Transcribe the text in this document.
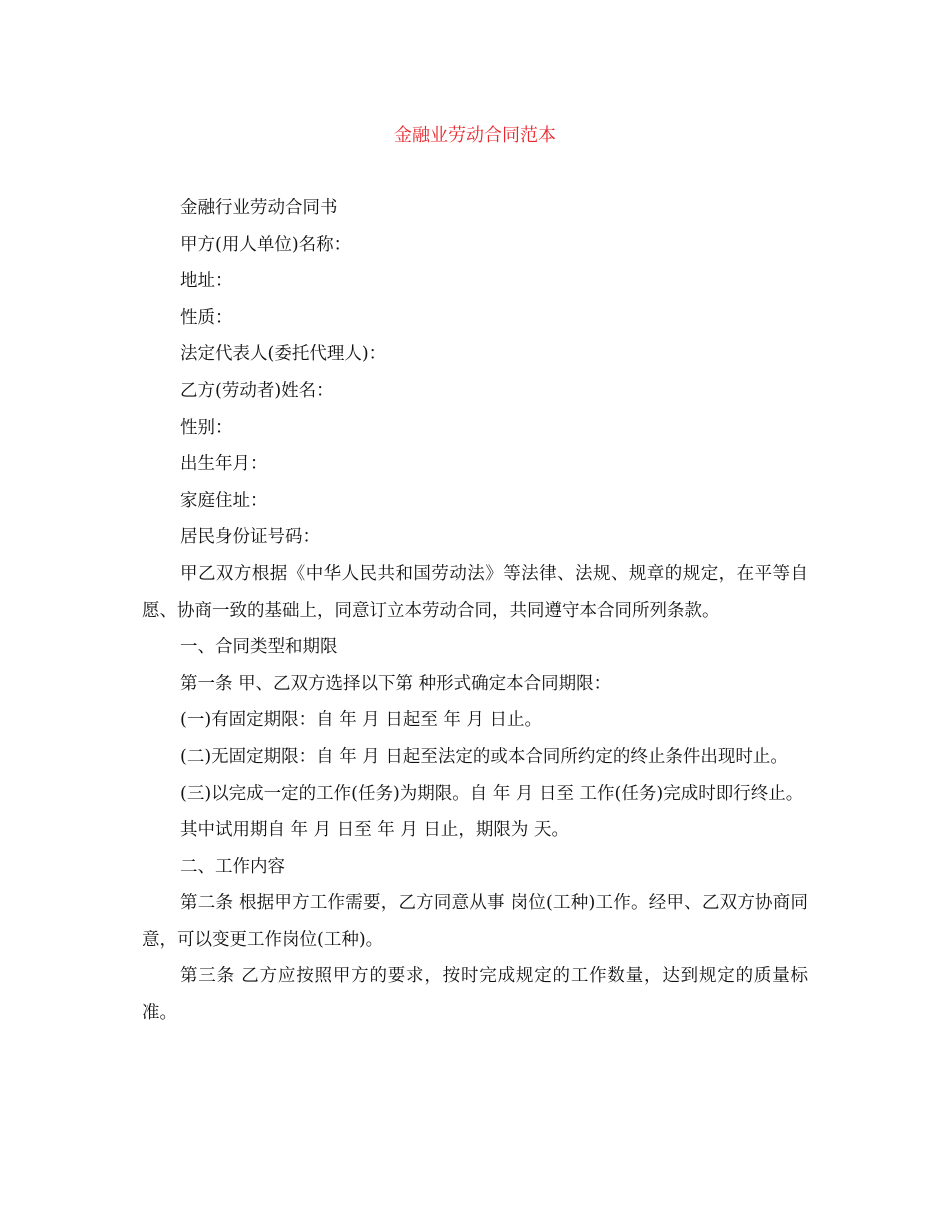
金融业劳动合同范本

金融行业劳动合同书

甲方(用人单位)名称：

地址：

性质：

法定代表人(委托代理人)：

乙方(劳动者)姓名：

性别：

出生年月：

家庭住址：

居民身份证号码：

甲乙双方根据《中华人民共和国劳动法》等法律、法规、规章的规定，在平等自愿、协商一致的基础上，同意订立本劳动合同，共同遵守本合同所列条款。

一、合同类型和期限

第一条 甲、乙双方选择以下第 种形式确定本合同期限：

(一)有固定期限：自 年 月 日起至 年 月 日止。

(二)无固定期限：自 年 月 日起至法定的或本合同所约定的终止条件出现时止。

(三)以完成一定的工作(任务)为期限。自 年 月 日至 工作(任务)完成时即行终止。

其中试用期自 年 月 日至 年 月 日止，期限为 天。

二、工作内容

第二条 根据甲方工作需要，乙方同意从事 岗位(工种)工作。经甲、乙双方协商同意，可以变更工作岗位(工种)。

第三条 乙方应按照甲方的要求，按时完成规定的工作数量，达到规定的质量标准。
